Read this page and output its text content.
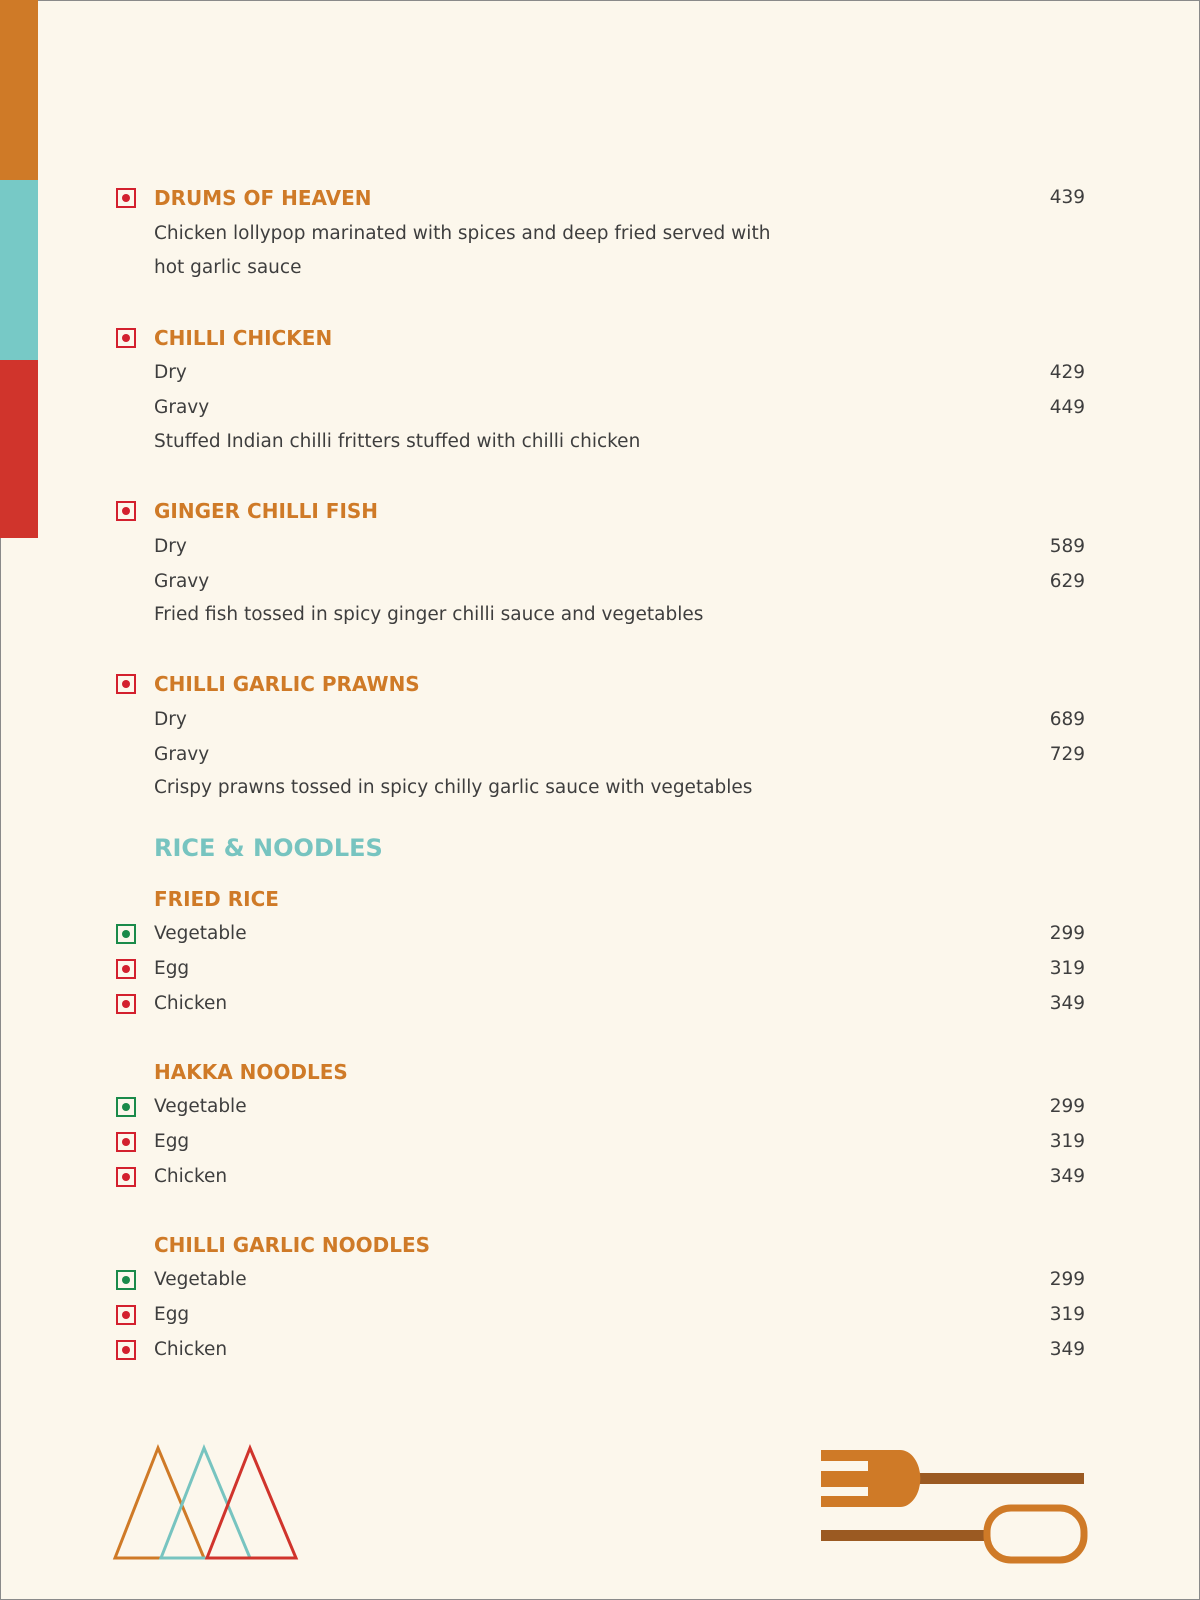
DRUMS OF HEAVEN	439
Chicken lollypop marinated with spices and deep fried served with
hot garlic sauce
CHILLI CHICKEN
Dry	429
Gravy	449
Stuffed Indian chilli fritters stuffed with chilli chicken
GINGER CHILLI FISH
Dry	589
Gravy	629
Fried fish tossed in spicy ginger chilli sauce and vegetables
CHILLI GARLIC PRAWNS
Dry	689
Gravy	729
Crispy prawns tossed in spicy chilly garlic sauce with vegetables
RICE & NOODLES
FRIED RICE
Vegetable	299
Egg	319
Chicken	349
HAKKA NOODLES
Vegetable	299
Egg	319
Chicken	349
CHILLI GARLIC NOODLES
Vegetable	299
Egg	319
Chicken	349
